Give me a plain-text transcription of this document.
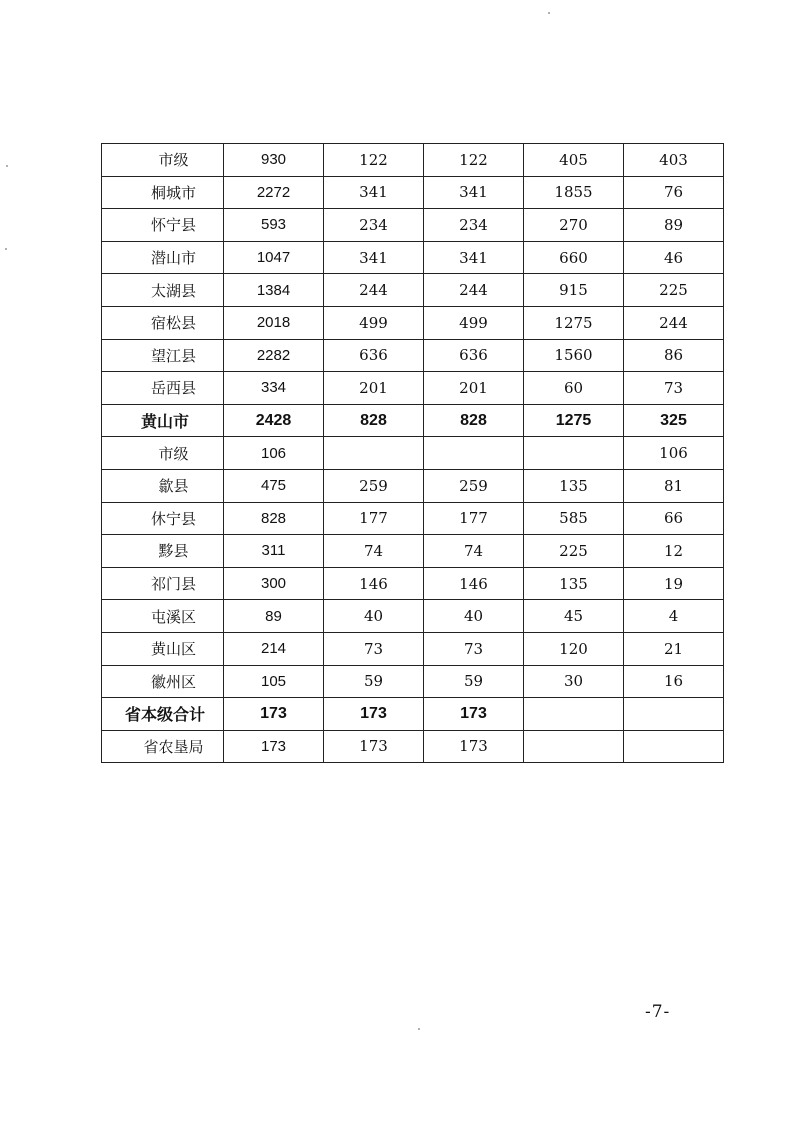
市级	930	122	122	405	403
桐城市	2272	341	341	1855	76
怀宁县	593	234	234	270	89
潜山市	1047	341	341	660	46
太湖县	1384	244	244	915	225
宿松县	2018	499	499	1275	244
望江县	2282	636	636	1560	86
岳西县	334	201	201	60	73
黄山市	2428	828	828	1275	325
市级	106				106
歙县	475	259	259	135	81
休宁县	828	177	177	585	66
黟县	311	74	74	225	12
祁门县	300	146	146	135	19
屯溪区	89	40	40	45	4
黄山区	214	73	73	120	21
徽州区	105	59	59	30	16
省本级合计	173	173	173		
省农垦局	173	173	173		
-7-
